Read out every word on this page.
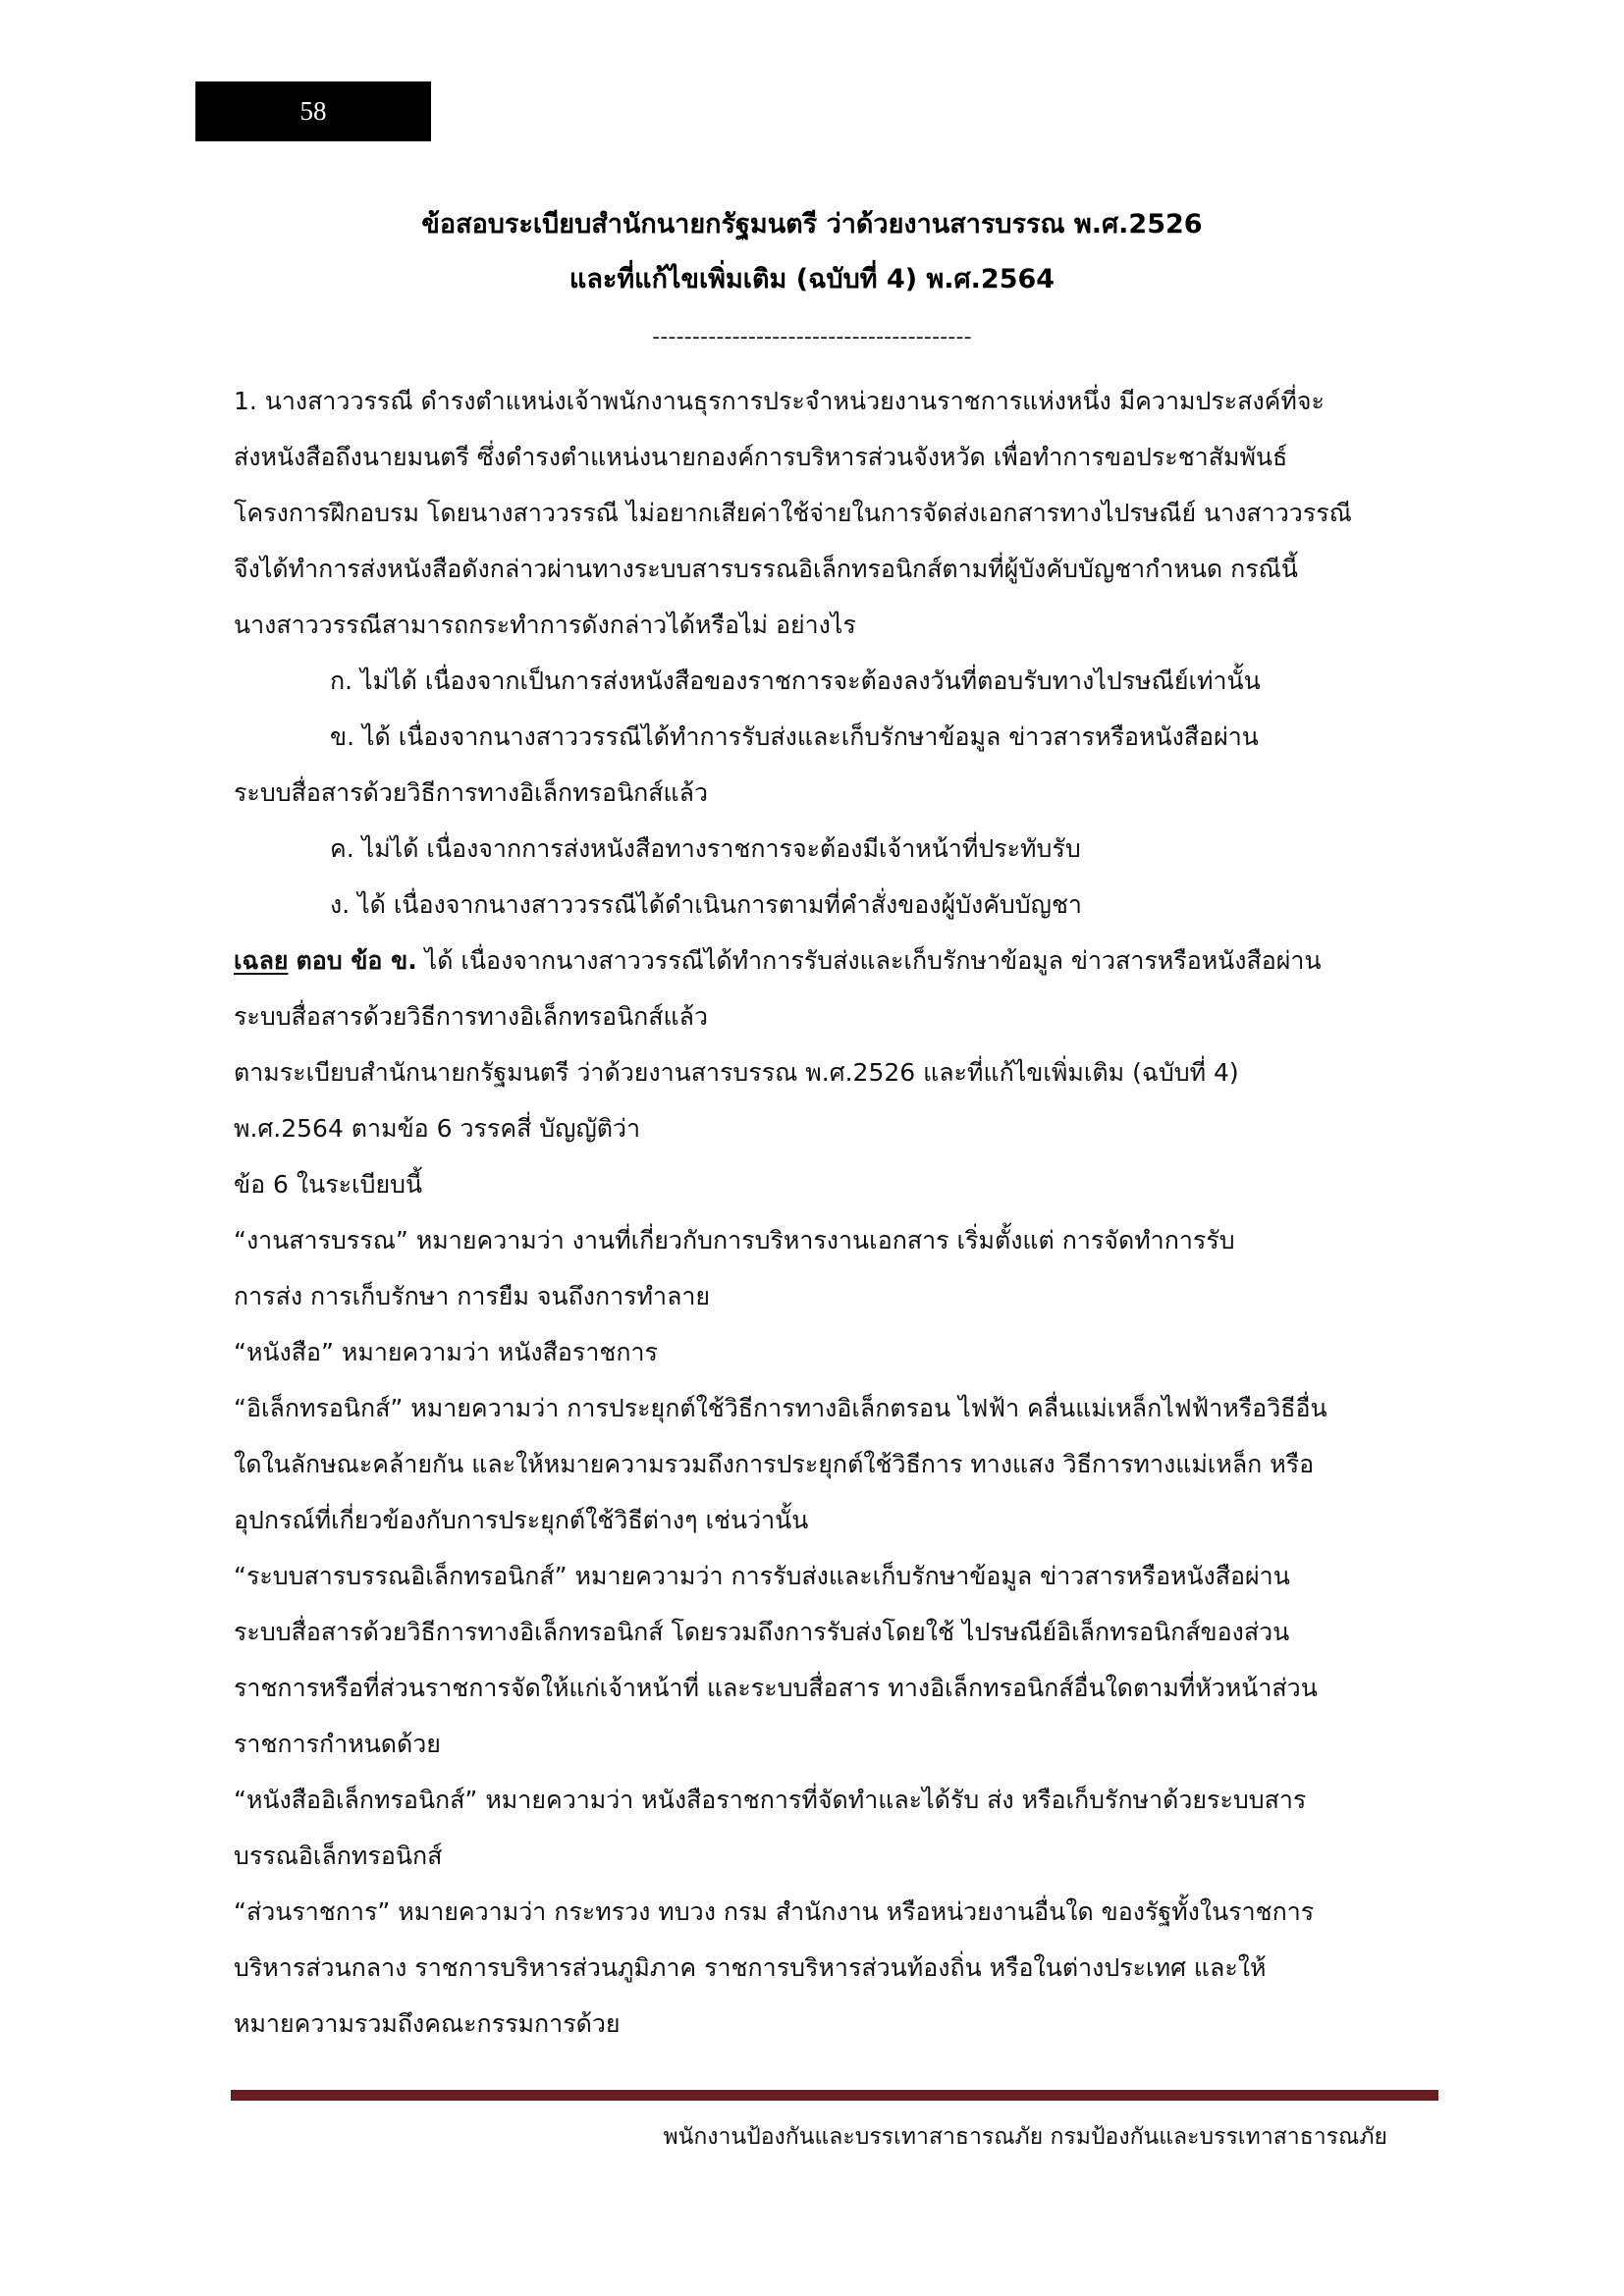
58
ข้อสอบระเบียบสำนักนายกรัฐมนตรี ว่าด้วยงานสารบรรณ พ.ศ.2526
และที่แก้ไขเพิ่มเติม (ฉบับที่ 4) พ.ศ.2564
----------------------------------------
1. นางสาววรรณี ดำรงตำแหน่งเจ้าพนักงานธุรการประจำหน่วยงานราชการแห่งหนึ่ง มีความประสงค์ที่จะ
ส่งหนังสือถึงนายมนตรี ซึ่งดำรงตำแหน่งนายกองค์การบริหารส่วนจังหวัด เพื่อทำการขอประชาสัมพันธ์
โครงการฝึกอบรม โดยนางสาววรรณี ไม่อยากเสียค่าใช้จ่ายในการจัดส่งเอกสารทางไปรษณีย์ นางสาววรรณี
จึงได้ทำการส่งหนังสือดังกล่าวผ่านทางระบบสารบรรณอิเล็กทรอนิกส์ตามที่ผู้บังคับบัญชากำหนด กรณีนี้
นางสาววรรณีสามารถกระทำการดังกล่าวได้หรือไม่ อย่างไร
ก. ไม่ได้ เนื่องจากเป็นการส่งหนังสือของราชการจะต้องลงวันที่ตอบรับทางไปรษณีย์เท่านั้น
ข. ได้ เนื่องจากนางสาววรรณีได้ทำการรับส่งและเก็บรักษาข้อมูล ข่าวสารหรือหนังสือผ่าน
ระบบสื่อสารด้วยวิธีการทางอิเล็กทรอนิกส์แล้ว
ค. ไม่ได้ เนื่องจากการส่งหนังสือทางราชการจะต้องมีเจ้าหน้าที่ประทับรับ
ง. ได้ เนื่องจากนางสาววรรณีได้ดำเนินการตามที่คำสั่งของผู้บังคับบัญชา
เฉลย ตอบ ข้อ ข. ได้ เนื่องจากนางสาววรรณีได้ทำการรับส่งและเก็บรักษาข้อมูล ข่าวสารหรือหนังสือผ่าน
ระบบสื่อสารด้วยวิธีการทางอิเล็กทรอนิกส์แล้ว
ตามระเบียบสำนักนายกรัฐมนตรี ว่าด้วยงานสารบรรณ พ.ศ.2526 และที่แก้ไขเพิ่มเติม (ฉบับที่ 4)
พ.ศ.2564 ตามข้อ 6 วรรคสี่ บัญญัติว่า
ข้อ 6 ในระเบียบนี้
“งานสารบรรณ” หมายความว่า งานที่เกี่ยวกับการบริหารงานเอกสาร เริ่มตั้งแต่ การจัดทำการรับ
การส่ง การเก็บรักษา การยืม จนถึงการทำลาย
“หนังสือ” หมายความว่า หนังสือราชการ
“อิเล็กทรอนิกส์” หมายความว่า การประยุกต์ใช้วิธีการทางอิเล็กตรอน ไฟฟ้า คลื่นแม่เหล็กไฟฟ้าหรือวิธีอื่น
ใดในลักษณะคล้ายกัน และให้หมายความรวมถึงการประยุกต์ใช้วิธีการ ทางแสง วิธีการทางแม่เหล็ก หรือ
อุปกรณ์ที่เกี่ยวข้องกับการประยุกต์ใช้วิธีต่างๆ เช่นว่านั้น
“ระบบสารบรรณอิเล็กทรอนิกส์” หมายความว่า การรับส่งและเก็บรักษาข้อมูล ข่าวสารหรือหนังสือผ่าน
ระบบสื่อสารด้วยวิธีการทางอิเล็กทรอนิกส์ โดยรวมถึงการรับส่งโดยใช้ ไปรษณีย์อิเล็กทรอนิกส์ของส่วน
ราชการหรือที่ส่วนราชการจัดให้แก่เจ้าหน้าที่ และระบบสื่อสาร ทางอิเล็กทรอนิกส์อื่นใดตามที่หัวหน้าส่วน
ราชการกำหนดด้วย
“หนังสืออิเล็กทรอนิกส์” หมายความว่า หนังสือราชการที่จัดทำและได้รับ ส่ง หรือเก็บรักษาด้วยระบบสาร
บรรณอิเล็กทรอนิกส์
“ส่วนราชการ” หมายความว่า กระทรวง ทบวง กรม สำนักงาน หรือหน่วยงานอื่นใด ของรัฐทั้งในราชการ
บริหารส่วนกลาง ราชการบริหารส่วนภูมิภาค ราชการบริหารส่วนท้องถิ่น หรือในต่างประเทศ และให้
หมายความรวมถึงคณะกรรมการด้วย
พนักงานป้องกันและบรรเทาสาธารณภัย กรมป้องกันและบรรเทาสาธารณภัย
